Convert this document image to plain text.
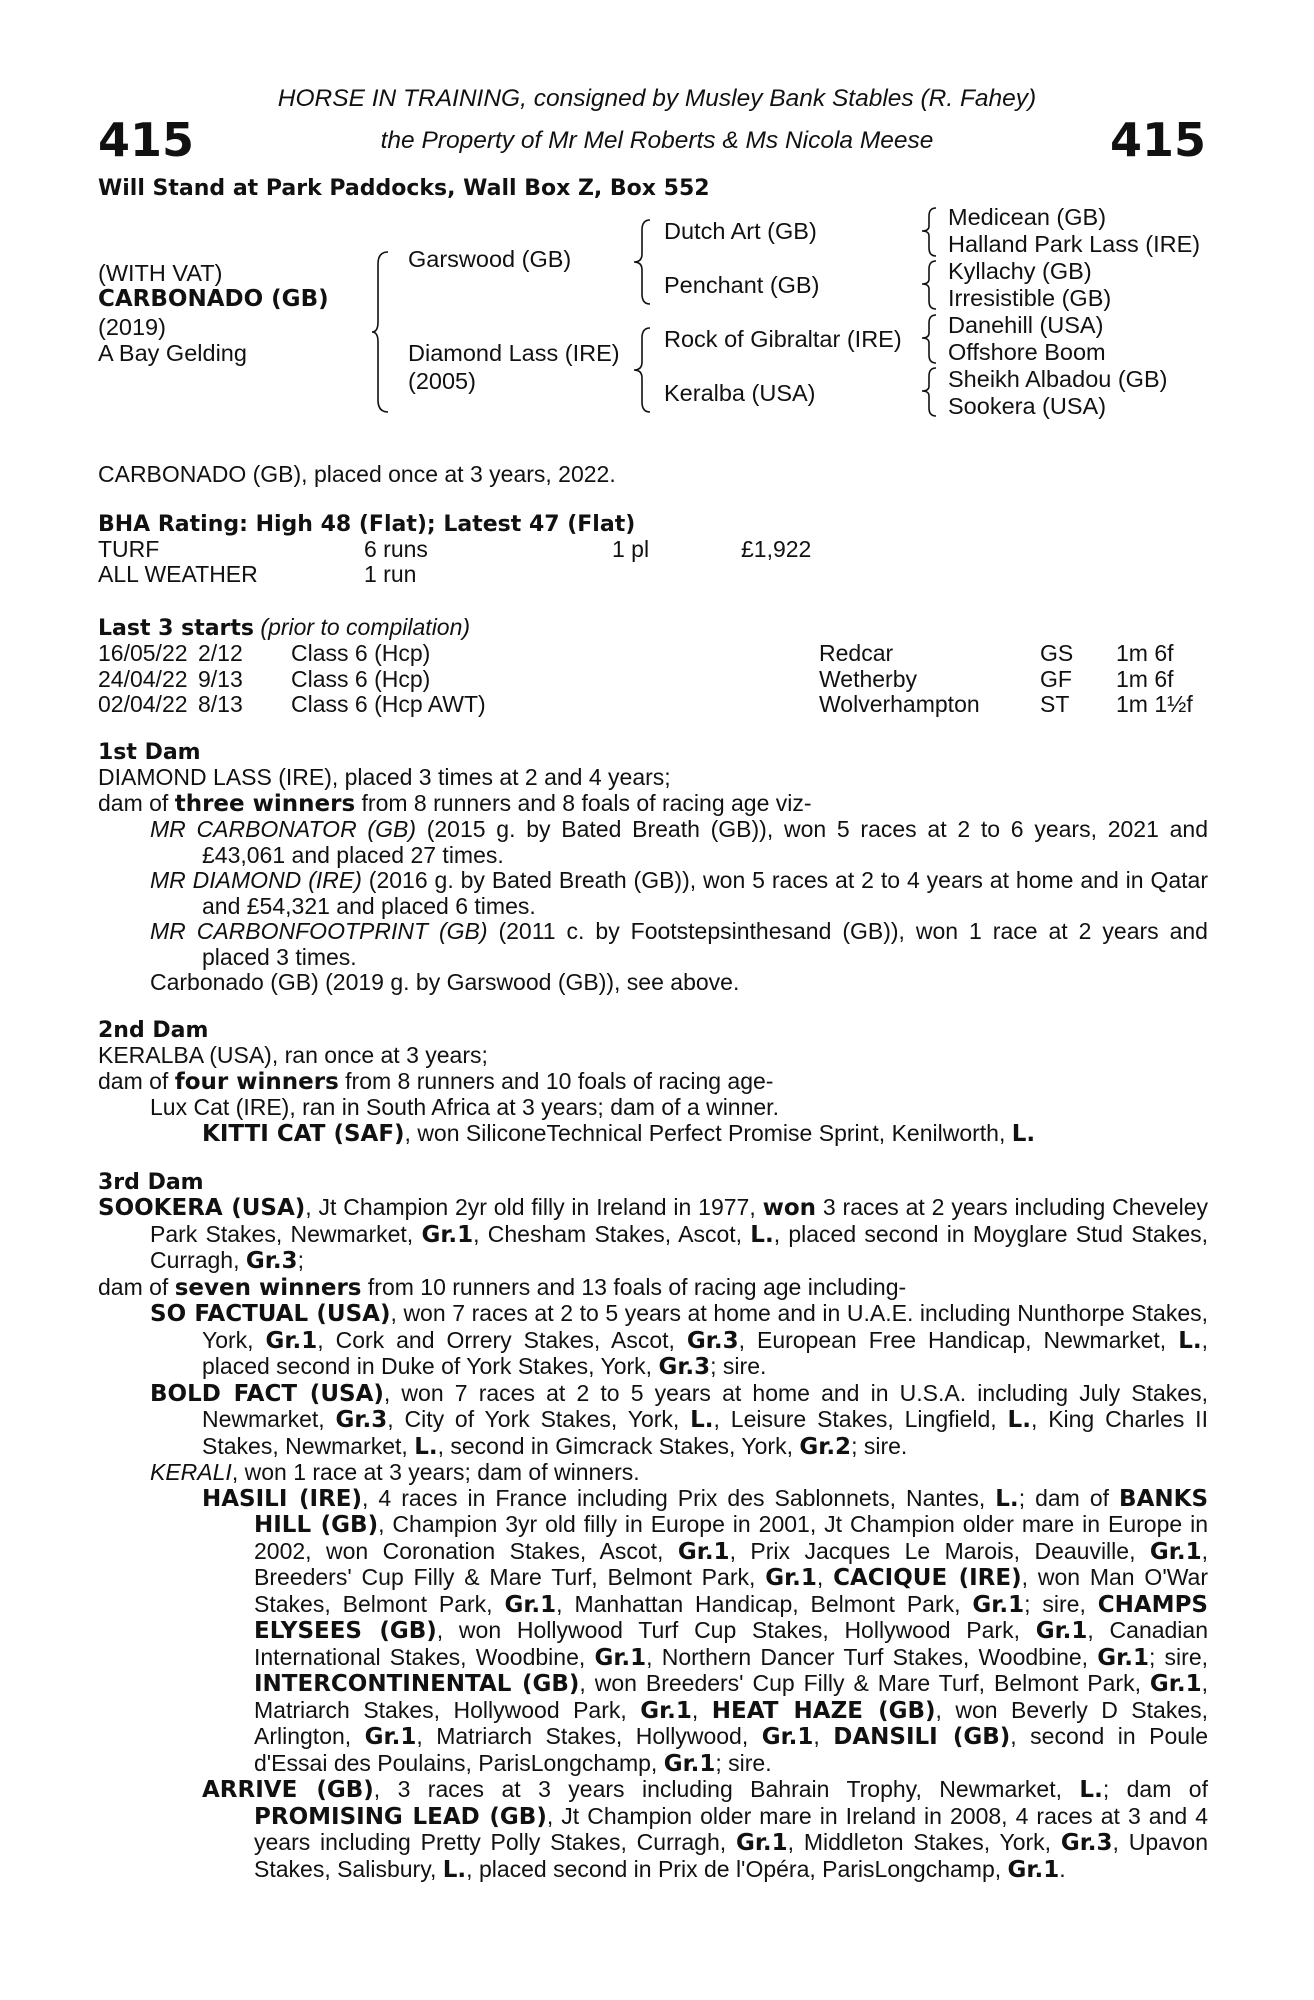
415	415
HORSE IN TRAINING, consigned by Musley Bank Stables (R. Fahey)
the Property of Mr Mel Roberts & Ms Nicola Meese
Will Stand at Park Paddocks, Wall Box Z, Box 552
(WITH VAT)
CARBONADO (GB)
(2019)
A Bay Gelding
Garswood (GB)
Diamond Lass (IRE)
(2005)
Dutch Art (GB)
Penchant (GB)
Rock of Gibraltar (IRE)
Keralba (USA)
Medicean (GB)
Halland Park Lass (IRE)
Kyllachy (GB)
Irresistible (GB)
Danehill (USA)
Offshore Boom
Sheikh Albadou (GB)
Sookera (USA)
CARBONADO (GB), placed once at 3 years, 2022.
BHA Rating: High 48 (Flat); Latest 47 (Flat)
TURF	6 runs	1 pl	£1,922
ALL WEATHER	1 run
Last 3 starts (prior to compilation)
16/05/22 2/12 Class 6 (Hcp)	Redcar	GS 1m 6f
24/04/22 9/13 Class 6 (Hcp)	Wetherby	GF 1m 6f
02/04/22 8/13 Class 6 (Hcp AWT)	Wolverhampton	ST 1m 1½f
1st Dam
DIAMOND LASS (IRE), placed 3 times at 2 and 4 years;
dam of three winners from 8 runners and 8 foals of racing age viz-
MR CARBONATOR (GB) (2015 g. by Bated Breath (GB)), won 5 races at 2 to 6 years, 2021 and £43,061 and placed 27 times.
MR DIAMOND (IRE) (2016 g. by Bated Breath (GB)), won 5 races at 2 to 4 years at home and in Qatar and £54,321 and placed 6 times.
MR CARBONFOOTPRINT (GB) (2011 c. by Footstepsinthesand (GB)), won 1 race at 2 years and placed 3 times.
Carbonado (GB) (2019 g. by Garswood (GB)), see above.
2nd Dam
KERALBA (USA), ran once at 3 years;
dam of four winners from 8 runners and 10 foals of racing age-
Lux Cat (IRE), ran in South Africa at 3 years; dam of a winner.
KITTI CAT (SAF), won SiliconeTechnical Perfect Promise Sprint, Kenilworth, L.
3rd Dam
SOOKERA (USA), Jt Champion 2yr old filly in Ireland in 1977, won 3 races at 2 years including Cheveley Park Stakes, Newmarket, Gr.1, Chesham Stakes, Ascot, L., placed second in Moyglare Stud Stakes, Curragh, Gr.3;
dam of seven winners from 10 runners and 13 foals of racing age including-
SO FACTUAL (USA), won 7 races at 2 to 5 years at home and in U.A.E. including Nunthorpe Stakes, York, Gr.1, Cork and Orrery Stakes, Ascot, Gr.3, European Free Handicap, Newmarket, L., placed second in Duke of York Stakes, York, Gr.3; sire.
BOLD FACT (USA), won 7 races at 2 to 5 years at home and in U.S.A. including July Stakes, Newmarket, Gr.3, City of York Stakes, York, L., Leisure Stakes, Lingfield, L., King Charles II Stakes, Newmarket, L., second in Gimcrack Stakes, York, Gr.2; sire.
KERALI, won 1 race at 3 years; dam of winners.
HASILI (IRE), 4 races in France including Prix des Sablonnets, Nantes, L.; dam of BANKS HILL (GB), Champion 3yr old filly in Europe in 2001, Jt Champion older mare in Europe in 2002, won Coronation Stakes, Ascot, Gr.1, Prix Jacques Le Marois, Deauville, Gr.1, Breeders' Cup Filly & Mare Turf, Belmont Park, Gr.1, CACIQUE (IRE), won Man O'War Stakes, Belmont Park, Gr.1, Manhattan Handicap, Belmont Park, Gr.1; sire, CHAMPS ELYSEES (GB), won Hollywood Turf Cup Stakes, Hollywood Park, Gr.1, Canadian International Stakes, Woodbine, Gr.1, Northern Dancer Turf Stakes, Woodbine, Gr.1; sire, INTERCONTINENTAL (GB), won Breeders' Cup Filly & Mare Turf, Belmont Park, Gr.1, Matriarch Stakes, Hollywood Park, Gr.1, HEAT HAZE (GB), won Beverly D Stakes, Arlington, Gr.1, Matriarch Stakes, Hollywood, Gr.1, DANSILI (GB), second in Poule d'Essai des Poulains, ParisLongchamp, Gr.1; sire.
ARRIVE (GB), 3 races at 3 years including Bahrain Trophy, Newmarket, L.; dam of PROMISING LEAD (GB), Jt Champion older mare in Ireland in 2008, 4 races at 3 and 4 years including Pretty Polly Stakes, Curragh, Gr.1, Middleton Stakes, York, Gr.3, Upavon Stakes, Salisbury, L., placed second in Prix de l'Opéra, ParisLongchamp, Gr.1.
